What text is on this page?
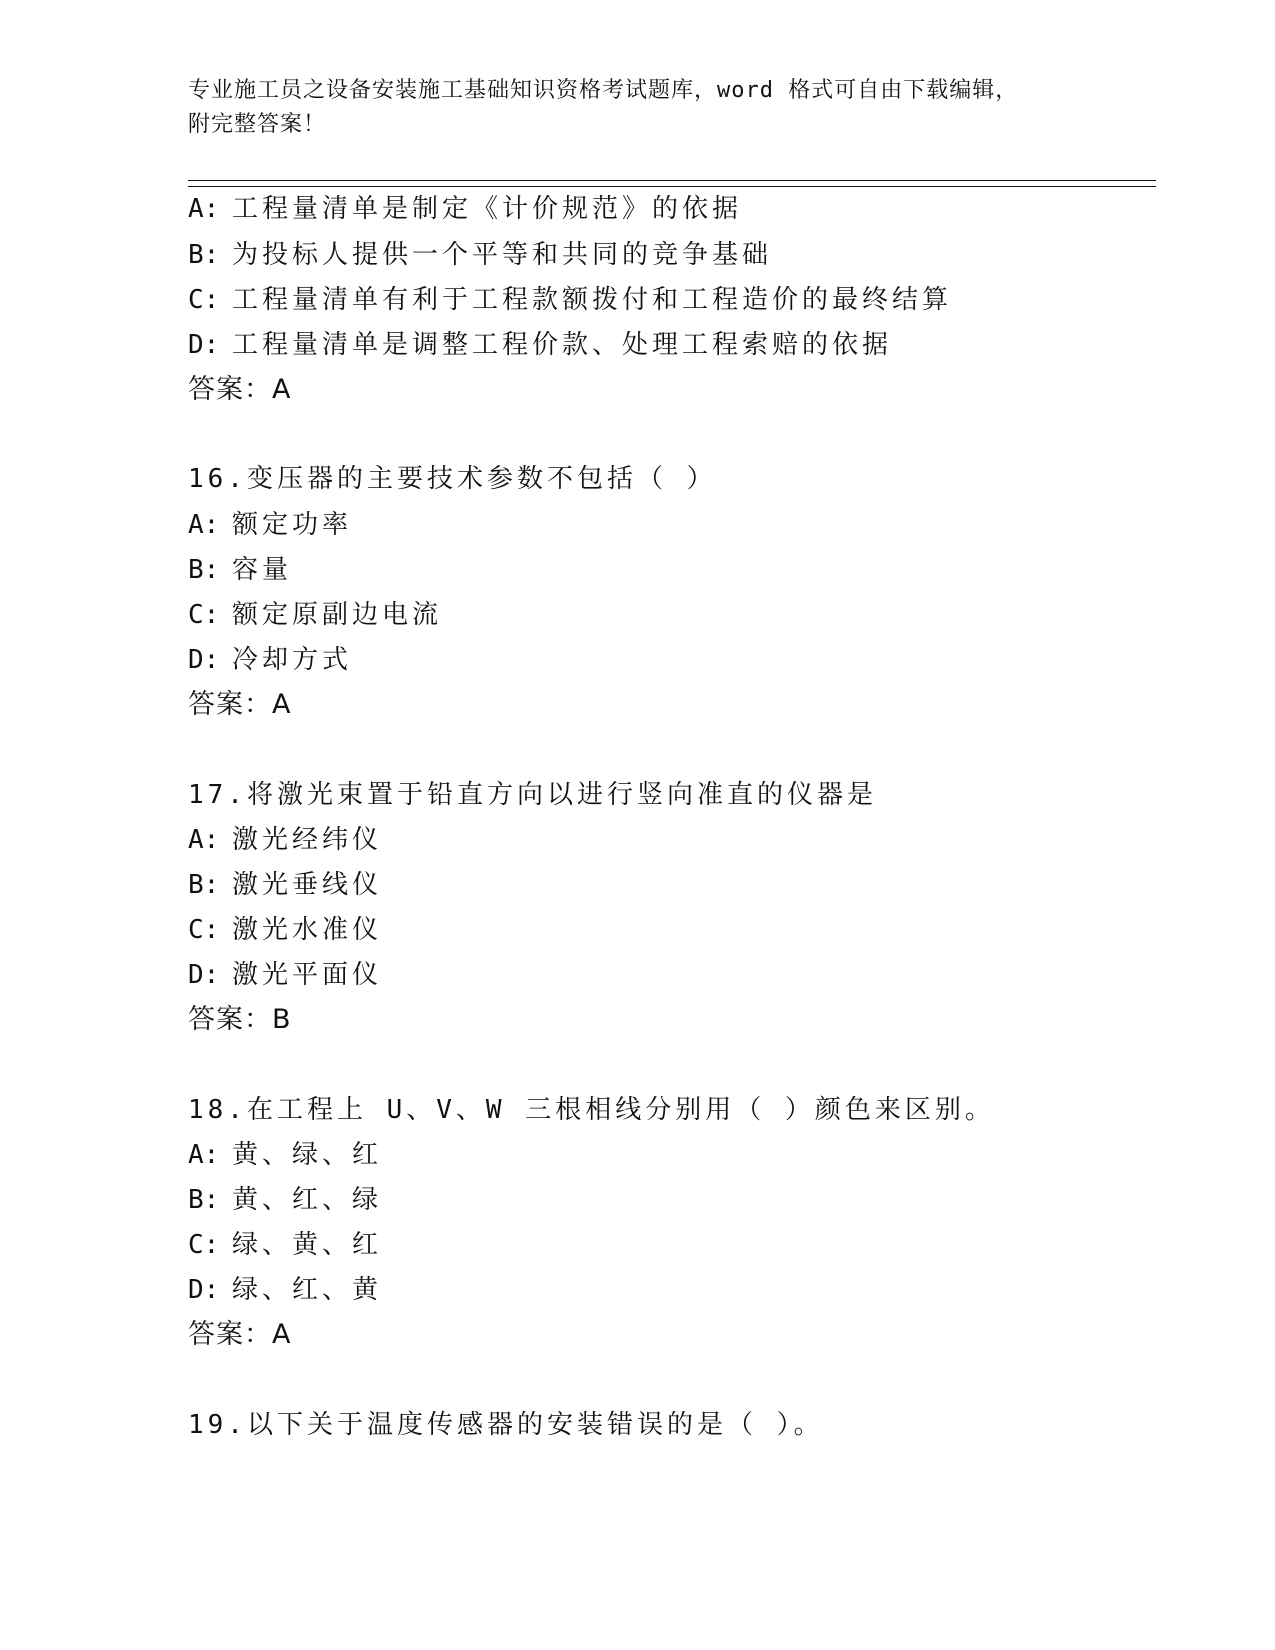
专业施工员之设备安装施工基础知识资格考试题库，word 格式可自由下载编辑，
附完整答案！
A: 工程量清单是制定《计价规范》的依据
B: 为投标人提供一个平等和共同的竞争基础
C: 工程量清单有利于工程款额拨付和工程造价的最终结算
D: 工程量清单是调整工程价款、处理工程索赔的依据
答案：A
16.变压器的主要技术参数不包括（ ）
A: 额定功率
B: 容量
C: 额定原副边电流
D: 冷却方式
答案：A
17.将激光束置于铅直方向以进行竖向准直的仪器是
A: 激光经纬仪
B: 激光垂线仪
C: 激光水准仪
D: 激光平面仪
答案：B
18.在工程上 U、V、W 三根相线分别用（ ）颜色来区别。
A: 黄、绿、红
B: 黄、红、绿
C: 绿、黄、红
D: 绿、红、黄
答案：A
19.以下关于温度传感器的安装错误的是（ ）。
